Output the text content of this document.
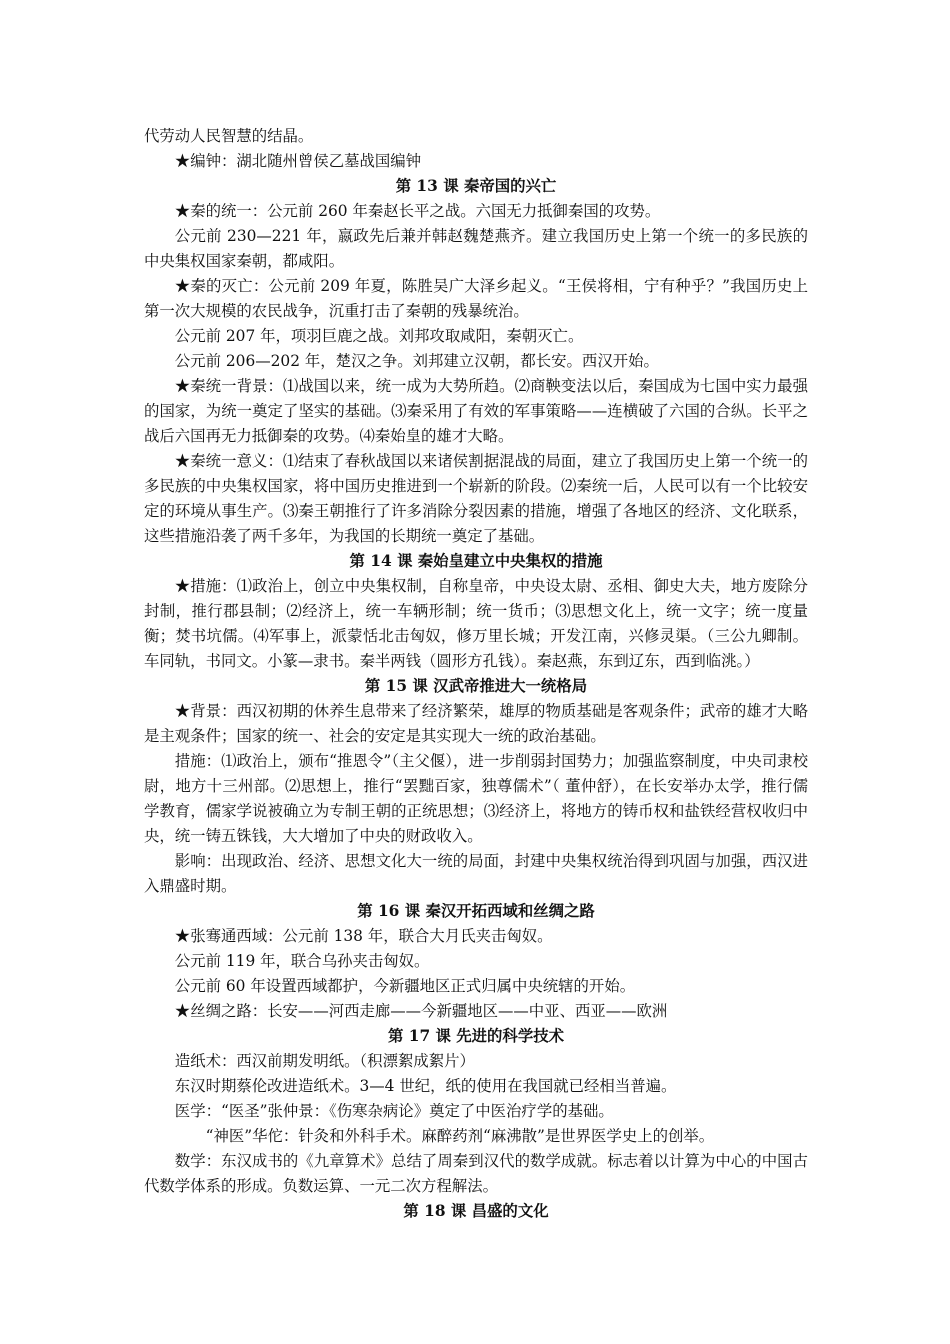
代劳动人民智慧的结晶。

★编钟：湖北随州曾侯乙墓战国编钟

第 13 课 秦帝国的兴亡

★秦的统一：公元前 260 年秦赵长平之战。六国无力抵御秦国的攻势。

公元前 230—221 年，嬴政先后兼并韩赵魏楚燕齐。建立我国历史上第一个统一的多民族的中央集权国家秦朝，都咸阳。

★秦的灭亡：公元前 209 年夏，陈胜吴广大泽乡起义。“王侯将相，宁有种乎？”我国历史上第一次大规模的农民战争，沉重打击了秦朝的残暴统治。

公元前 207 年，项羽巨鹿之战。刘邦攻取咸阳，秦朝灭亡。

公元前 206—202 年，楚汉之争。刘邦建立汉朝，都长安。西汉开始。

★秦统一背景：⑴战国以来，统一成为大势所趋。⑵商鞅变法以后，秦国成为七国中实力最强的国家，为统一奠定了坚实的基础。⑶秦采用了有效的军事策略——连横破了六国的合纵。长平之战后六国再无力抵御秦的攻势。⑷秦始皇的雄才大略。

★秦统一意义：⑴结束了春秋战国以来诸侯割据混战的局面，建立了我国历史上第一个统一的多民族的中央集权国家，将中国历史推进到一个崭新的阶段。⑵秦统一后，人民可以有一个比较安定的环境从事生产。⑶秦王朝推行了许多消除分裂因素的措施，增强了各地区的经济、文化联系，这些措施沿袭了两千多年，为我国的长期统一奠定了基础。

第 14 课 秦始皇建立中央集权的措施

★措施：⑴政治上，创立中央集权制，自称皇帝，中央设太尉、丞相、御史大夫，地方废除分封制，推行郡县制；⑵经济上，统一车辆形制；统一货币；⑶思想文化上，统一文字；统一度量衡；焚书坑儒。⑷军事上，派蒙恬北击匈奴，修万里长城；开发江南，兴修灵渠。（三公九卿制。车同轨，书同文。小篆—隶书。秦半两钱（圆形方孔钱）。秦赵燕，东到辽东，西到临洮。）

第 15 课 汉武帝推进大一统格局

★背景：西汉初期的休养生息带来了经济繁荣，雄厚的物质基础是客观条件；武帝的雄才大略是主观条件；国家的统一、社会的安定是其实现大一统的政治基础。

措施：⑴政治上，颁布“推恩令”（主父偃），进一步削弱封国势力；加强监察制度，中央司隶校尉，地方十三州部。⑵思想上，推行“罢黜百家，独尊儒术”（ 董仲舒），在长安举办太学，推行儒学教育，儒家学说被确立为专制王朝的正统思想；⑶经济上，将地方的铸币权和盐铁经营权收归中央，统一铸五铢钱，大大增加了中央的财政收入。

影响：出现政治、经济、思想文化大一统的局面，封建中央集权统治得到巩固与加强，西汉进入鼎盛时期。

第 16 课 秦汉开拓西域和丝绸之路

★张骞通西域：公元前 138 年，联合大月氏夹击匈奴。

公元前 119 年，联合乌孙夹击匈奴。

公元前 60 年设置西域都护，今新疆地区正式归属中央统辖的开始。

★丝绸之路：长安——河西走廊——今新疆地区——中亚、西亚——欧洲

第 17 课 先进的科学技术

造纸术：西汉前期发明纸。（积漂絮成絮片）

东汉时期蔡伦改进造纸术。3—4 世纪，纸的使用在我国就已经相当普遍。

医学：“医圣”张仲景：《伤寒杂病论》奠定了中医治疗学的基础。

“神医”华佗：针灸和外科手术。麻醉药剂“麻沸散”是世界医学史上的创举。

数学：东汉成书的《九章算术》总结了周秦到汉代的数学成就。标志着以计算为中心的中国古代数学体系的形成。负数运算、一元二次方程解法。

第 18 课 昌盛的文化
